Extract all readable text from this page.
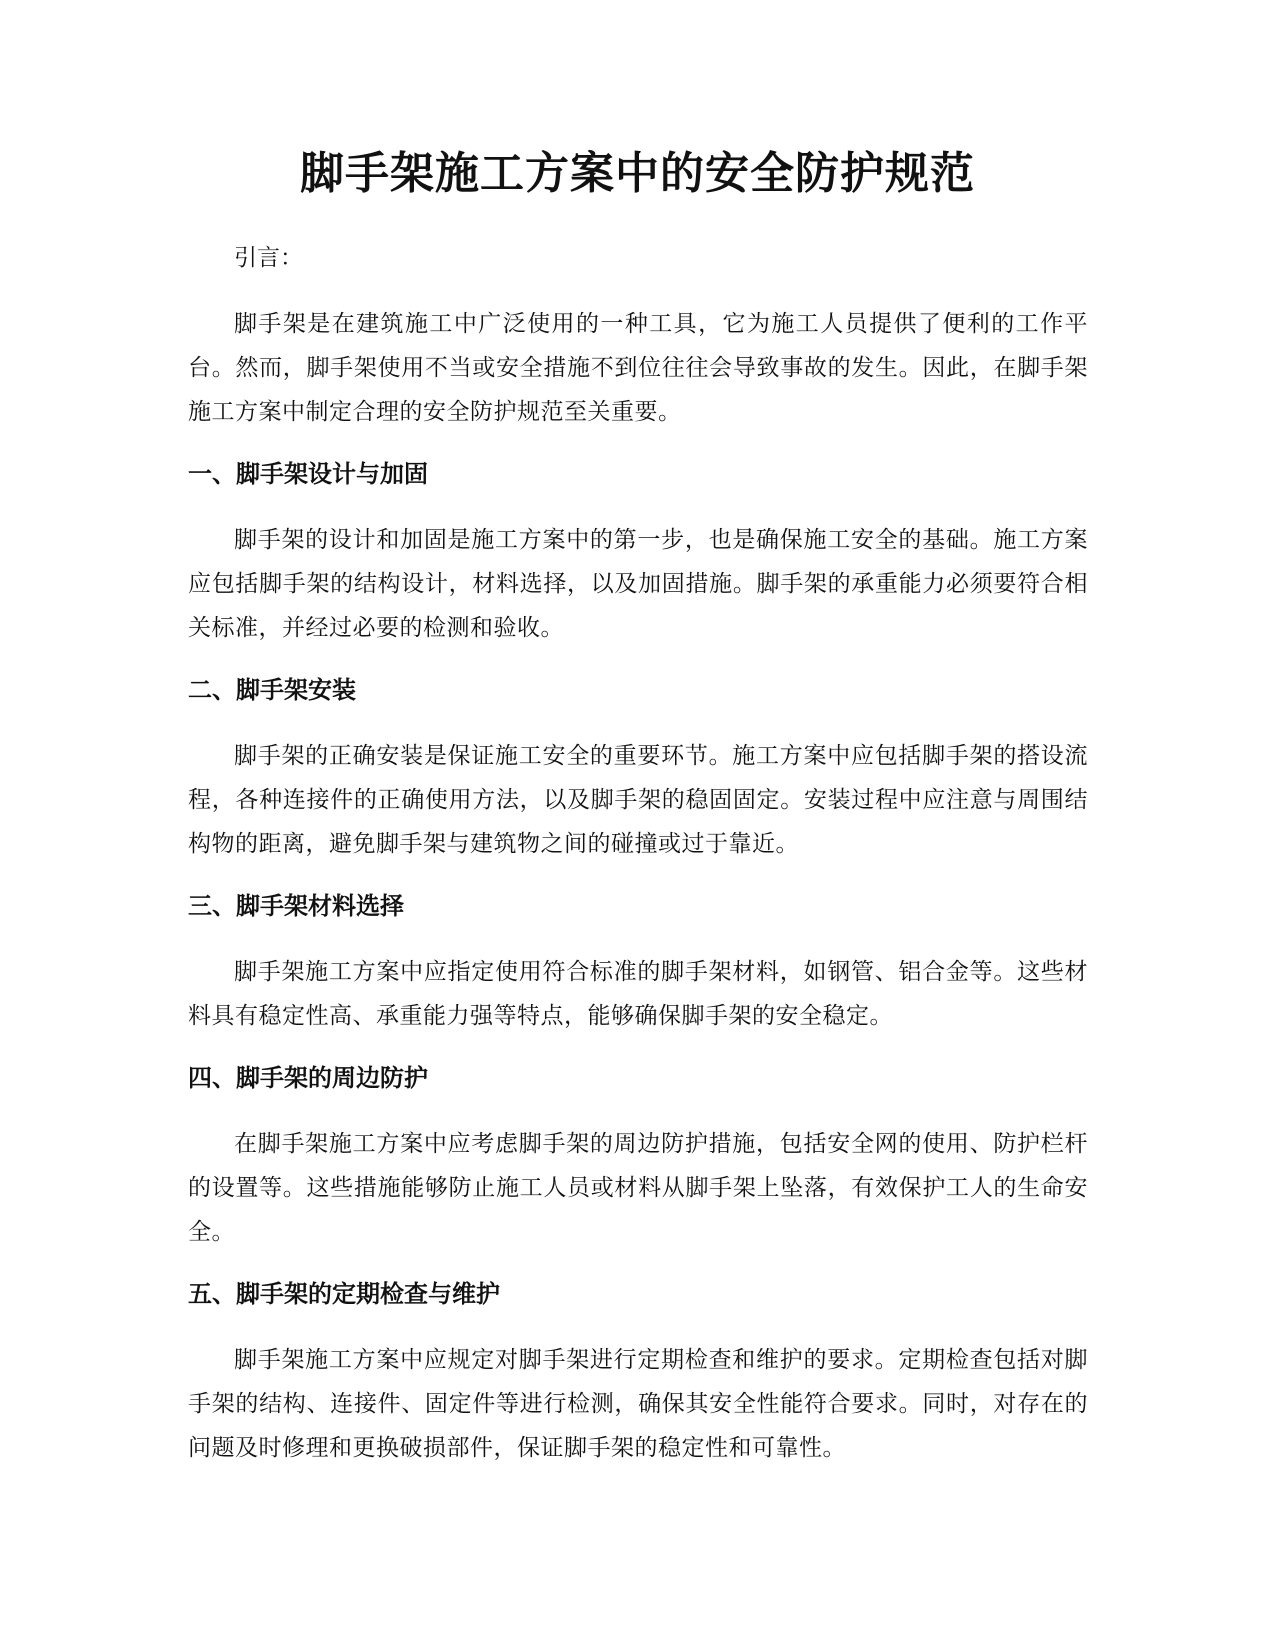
脚手架施工方案中的安全防护规范

引言：

脚手架是在建筑施工中广泛使用的一种工具，它为施工人员提供了便利的工作平台。然而，脚手架使用不当或安全措施不到位往往会导致事故的发生。因此，在脚手架施工方案中制定合理的安全防护规范至关重要。

一、脚手架设计与加固

脚手架的设计和加固是施工方案中的第一步，也是确保施工安全的基础。施工方案应包括脚手架的结构设计，材料选择，以及加固措施。脚手架的承重能力必须要符合相关标准，并经过必要的检测和验收。

二、脚手架安装

脚手架的正确安装是保证施工安全的重要环节。施工方案中应包括脚手架的搭设流程，各种连接件的正确使用方法，以及脚手架的稳固固定。安装过程中应注意与周围结构物的距离，避免脚手架与建筑物之间的碰撞或过于靠近。

三、脚手架材料选择

脚手架施工方案中应指定使用符合标准的脚手架材料，如钢管、铝合金等。这些材料具有稳定性高、承重能力强等特点，能够确保脚手架的安全稳定。

四、脚手架的周边防护

在脚手架施工方案中应考虑脚手架的周边防护措施，包括安全网的使用、防护栏杆的设置等。这些措施能够防止施工人员或材料从脚手架上坠落，有效保护工人的生命安全。

五、脚手架的定期检查与维护

脚手架施工方案中应规定对脚手架进行定期检查和维护的要求。定期检查包括对脚手架的结构、连接件、固定件等进行检测，确保其安全性能符合要求。同时，对存在的问题及时修理和更换破损部件，保证脚手架的稳定性和可靠性。
